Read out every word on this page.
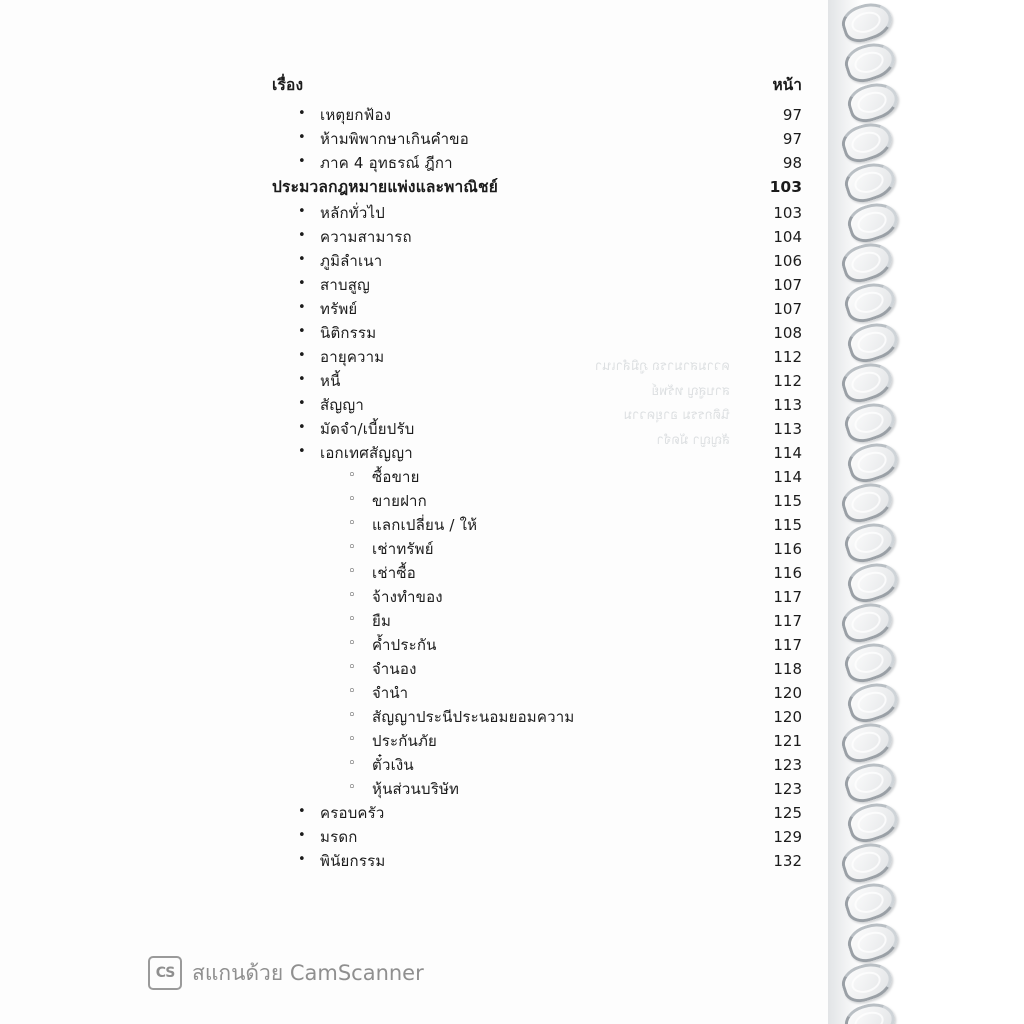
ความสามารถ ภูมิลำเนา
สาบสูญ ทรัพย์
นิติกรรม อายุความ
สัญญา มัดจำ
เรื่อง	หน้า
• เหตุยกฟ้อง	97
• ห้ามพิพากษาเกินคำขอ	97
• ภาค 4 อุทธรณ์ ฎีกา	98
ประมวลกฎหมายแพ่งและพาณิชย์	103
• หลักทั่วไป	103
• ความสามารถ	104
• ภูมิลำเนา	106
• สาบสูญ	107
• ทรัพย์	107
• นิติกรรม	108
• อายุความ	112
• หนี้	112
• สัญญา	113
• มัดจำ/เบี้ยปรับ	113
• เอกเทศสัญญา	114
◦ ซื้อขาย	114
◦ ขายฝาก	115
◦ แลกเปลี่ยน / ให้	115
◦ เช่าทรัพย์	116
◦ เช่าซื้อ	116
◦ จ้างทำของ	117
◦ ยืม	117
◦ ค้ำประกัน	117
◦ จำนอง	118
◦ จำนำ	120
◦ สัญญาประนีประนอมยอมความ	120
◦ ประกันภัย	121
◦ ตั๋วเงิน	123
◦ หุ้นส่วนบริษัท	123
• ครอบครัว	125
• มรดก	129
• พินัยกรรม	132
CS สแกนด้วย CamScanner
